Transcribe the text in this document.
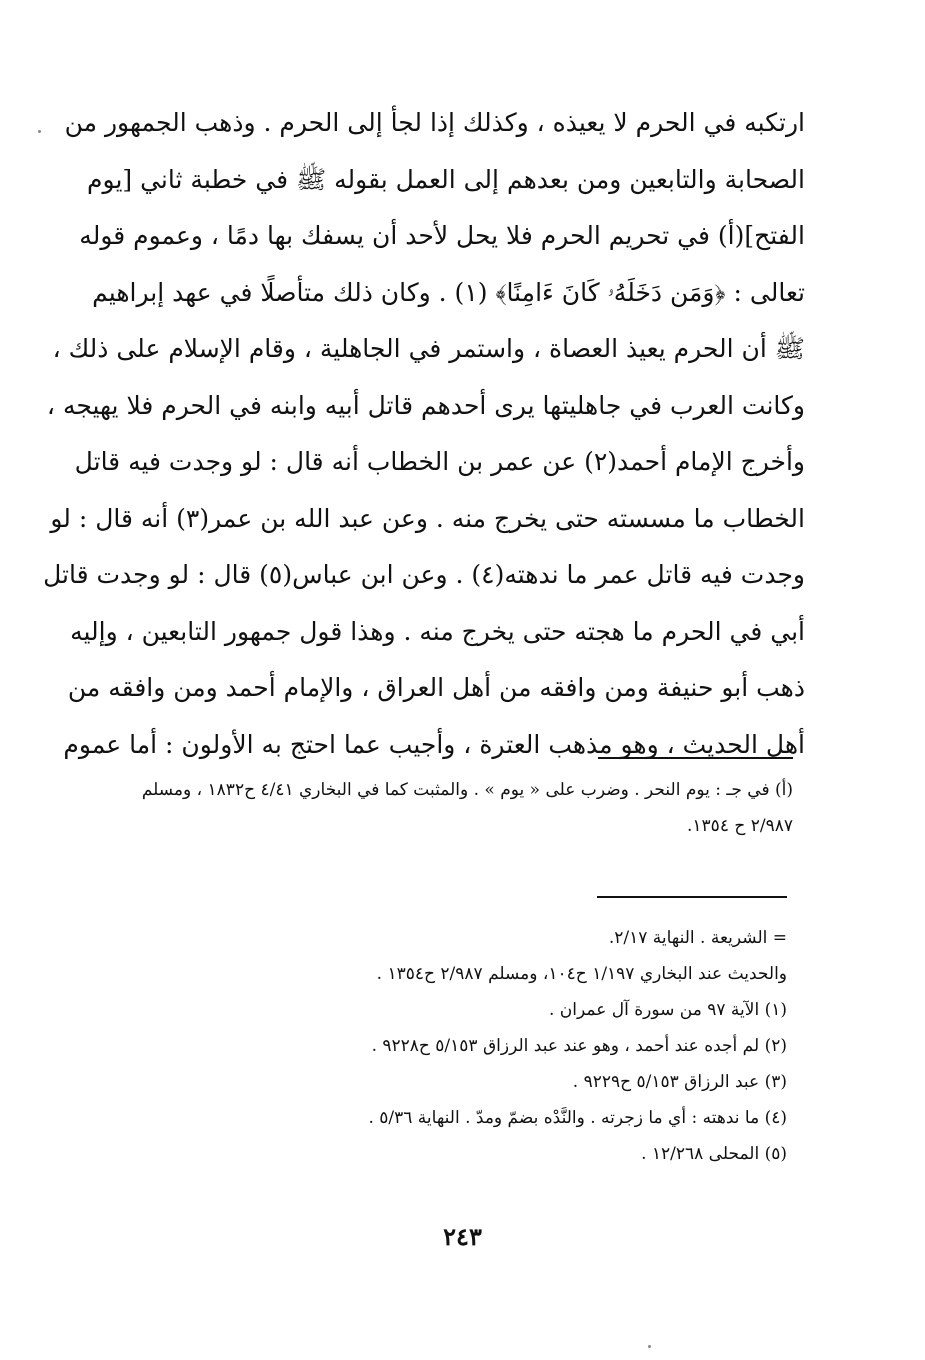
ارتكبه في الحرم لا يعيذه ، وكذلك إذا لجأ إلى الحرم . وذهب الجمهور من
الصحابة والتابعين ومن بعدهم إلى العمل بقوله ﷺ في خطبة ثاني [يوم
الفتح](أ) في تحريم الحرم فلا يحل لأحد أن يسفك بها دمًا ، وعموم قوله
تعالى : ﴿وَمَن دَخَلَهُۥ كَانَ ءَامِنًا﴾ (١) . وكان ذلك متأصلًا في عهد إبراهيم
ﷺ أن الحرم يعيذ العصاة ، واستمر في الجاهلية ، وقام الإسلام على ذلك ،
وكانت العرب في جاهليتها يرى أحدهم قاتل أبيه وابنه في الحرم فلا يهيجه ،
وأخرج الإمام أحمد(٢) عن عمر بن الخطاب أنه قال : لو وجدت فيه قاتل
الخطاب ما مسسته حتى يخرج منه . وعن عبد الله بن عمر(٣) أنه قال : لو
وجدت فيه قاتل عمر ما ندهته(٤) . وعن ابن عباس(٥) قال : لو وجدت قاتل
أبي في الحرم ما هجته حتى يخرج منه . وهذا قول جمهور التابعين ، وإليه
ذهب أبو حنيفة ومن وافقه من أهل العراق ، والإمام أحمد ومن وافقه من
أهل الحديث ، وهو مذهب العترة ، وأجيب عما احتج به الأولون : أما عموم
(أ) في جـ : يوم النحر . وضرب على « يوم » . والمثبت كما في البخاري ٤/٤١ ح١٨٣٢ ، ومسلم
٢/٩٨٧ ح ١٣٥٤.
= الشريعة . النهاية ٢/١٧.
والحديث عند البخاري ١/١٩٧ ح١٠٤، ومسلم ٢/٩٨٧ ح١٣٥٤ .
(١) الآية ٩٧ من سورة آل عمران .
(٢) لم أجده عند أحمد ، وهو عند عبد الرزاق ٥/١٥٣ ح٩٢٢٨ .
(٣) عبد الرزاق ٥/١٥٣ ح٩٢٢٩ .
(٤) ما ندهته : أي ما زجرته . والنَّدْه بضمّ ومدّ . النهاية ٥/٣٦ .
(٥) المحلى ١٢/٢٦٨ .
٢٤٣
